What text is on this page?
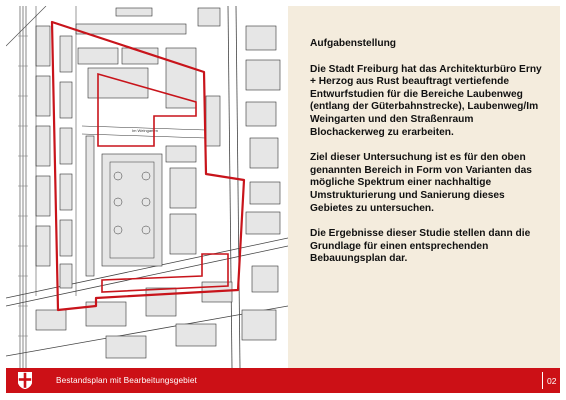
Im Weingarten

Aufgabenstellung

Die Stadt Freiburg hat das Architekturbüro Erny + Herzog aus Rust beauftragt vertiefende Entwurfstudien für die Bereiche Laubenweg (entlang der Güterbahnstrecke), Laubenweg/Im Weingarten und den Straßenraum Blochackerweg zu erarbeiten.

Ziel dieser Untersuchung ist es für den oben genannten Bereich in Form von Varianten das mögliche Spektrum einer nachhaltige Umstrukturierung und Sanierung dieses Gebietes zu untersuchen.

Die Ergebnisse dieser Studie stellen dann die Grundlage für einen entsprechenden Bebauungsplan dar.

Bestandsplan mit Bearbeitungsgebiet	02
